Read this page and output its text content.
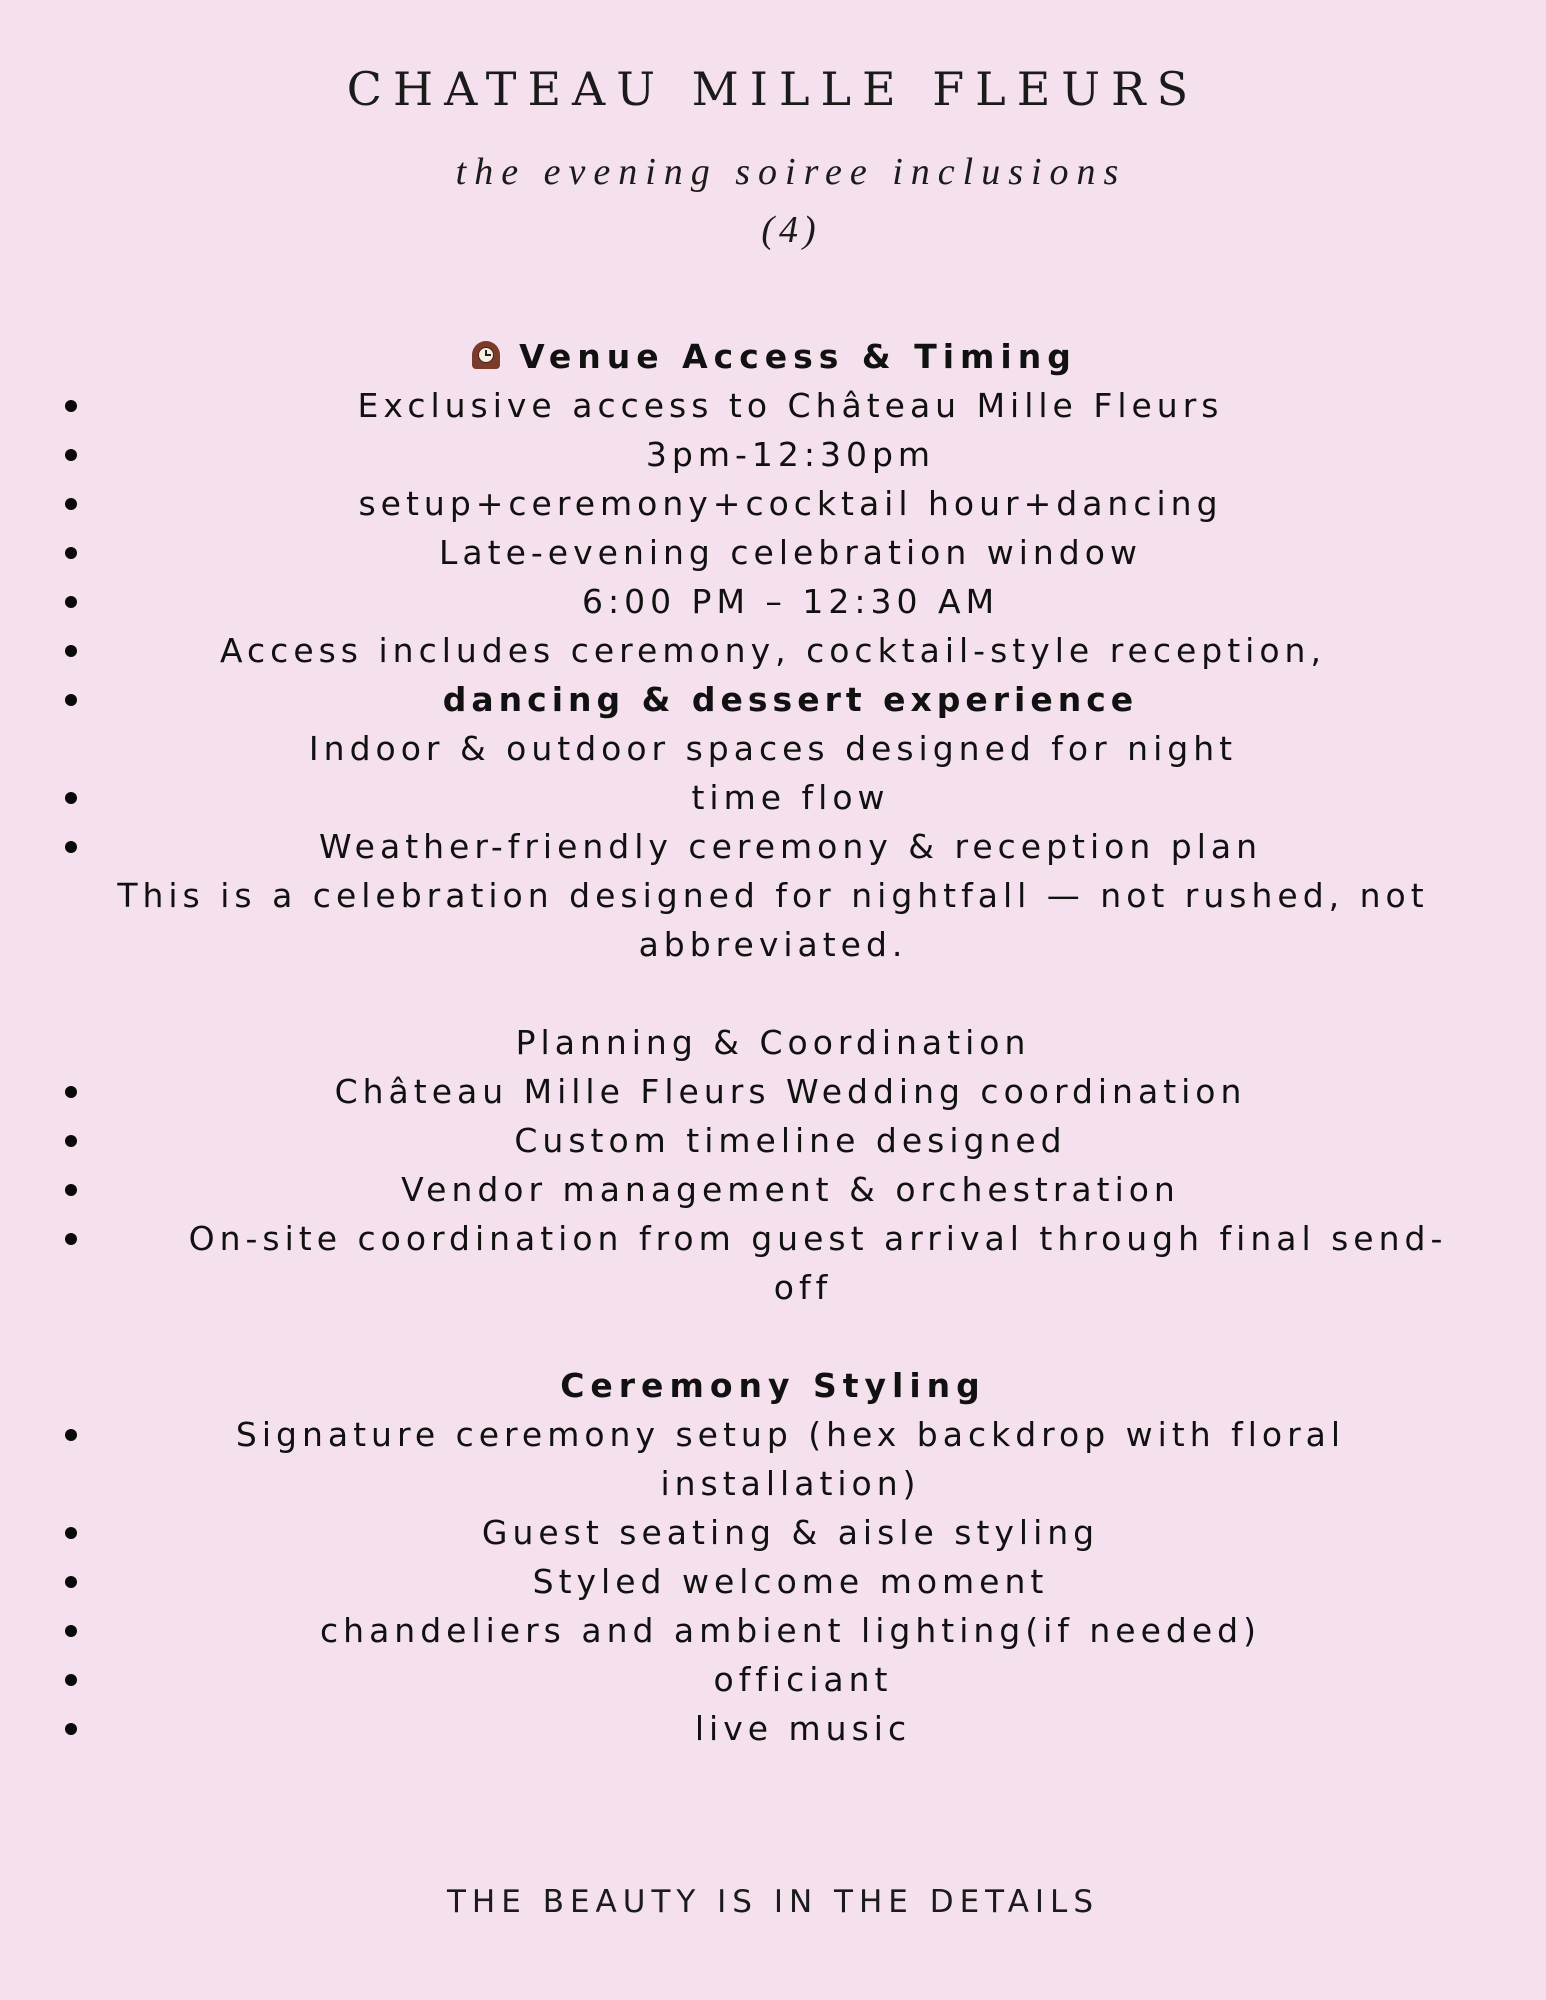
CHATEAU MILLE FLEURS
the evening soiree inclusions
(4)
Venue Access & Timing
Exclusive access to Château Mille Fleurs
3pm-12:30pm
setup+ceremony+cocktail hour+dancing
Late-evening celebration window
6:00 PM – 12:30 AM
Access includes ceremony, cocktail-style reception,
dancing & dessert experience
Indoor & outdoor spaces designed for night
time flow
Weather-friendly ceremony & reception plan
This is a celebration designed for nightfall — not rushed, not
abbreviated.
Planning & Coordination
Château Mille Fleurs Wedding coordination
Custom timeline designed
Vendor management & orchestration
On-site coordination from guest arrival through final send-
off
Ceremony Styling
Signature ceremony setup (hex backdrop with floral
installation)
Guest seating & aisle styling
Styled welcome moment
chandeliers and ambient lighting(if needed)
officiant
live music
THE BEAUTY IS IN THE DETAILS
